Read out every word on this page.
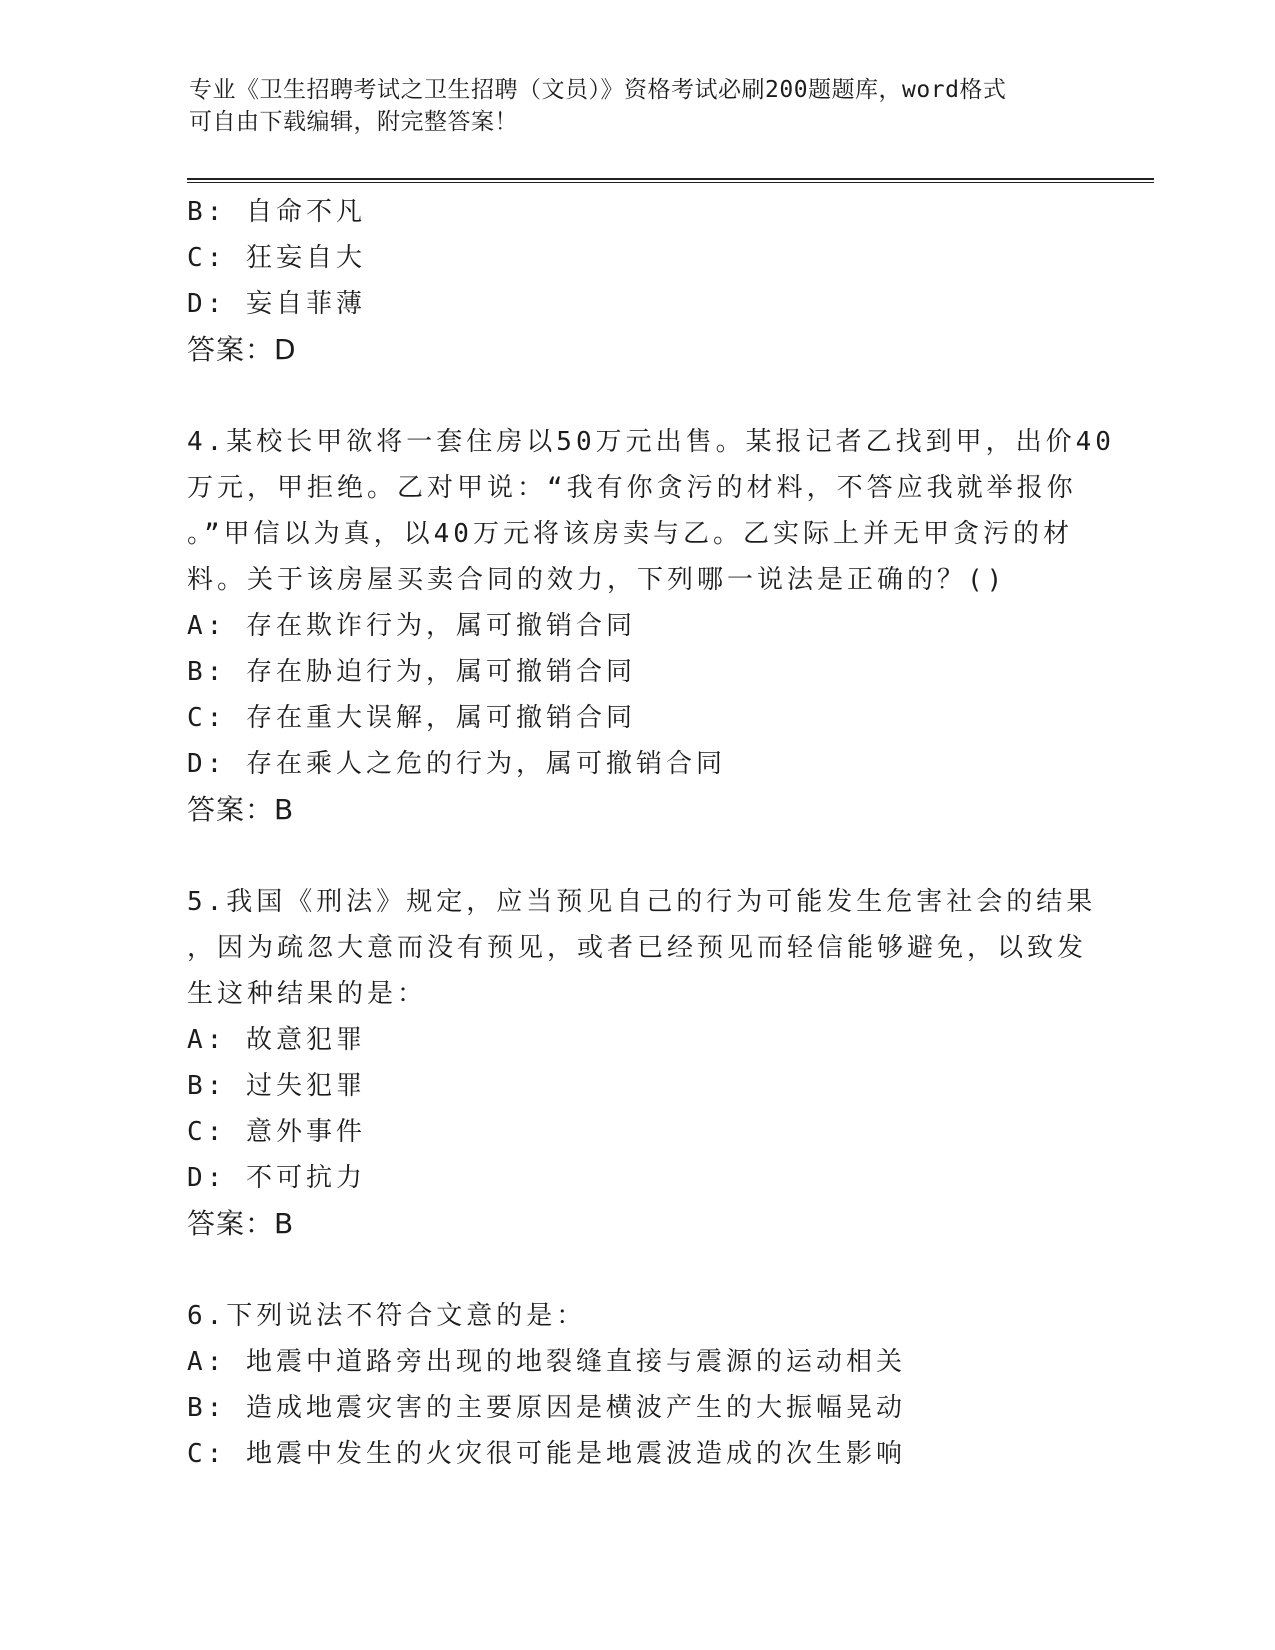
专业《卫生招聘考试之卫生招聘（文员）》资格考试必刷200题题库，word格式
可自由下载编辑，附完整答案！
B: 自命不凡
C: 狂妄自大
D: 妄自菲薄
答案：D
4.某校长甲欲将一套住房以50万元出售。某报记者乙找到甲，出价40
万元，甲拒绝。乙对甲说：“我有你贪污的材料，不答应我就举报你
。”甲信以为真，以40万元将该房卖与乙。乙实际上并无甲贪污的材
料。关于该房屋买卖合同的效力，下列哪一说法是正确的？()
A: 存在欺诈行为，属可撤销合同
B: 存在胁迫行为，属可撤销合同
C: 存在重大误解，属可撤销合同
D: 存在乘人之危的行为，属可撤销合同
答案：B
5.我国《刑法》规定，应当预见自己的行为可能发生危害社会的结果
，因为疏忽大意而没有预见，或者已经预见而轻信能够避免，以致发
生这种结果的是：
A: 故意犯罪
B: 过失犯罪
C: 意外事件
D: 不可抗力
答案：B
6.下列说法不符合文意的是：
A: 地震中道路旁出现的地裂缝直接与震源的运动相关
B: 造成地震灾害的主要原因是横波产生的大振幅晃动
C: 地震中发生的火灾很可能是地震波造成的次生影响
